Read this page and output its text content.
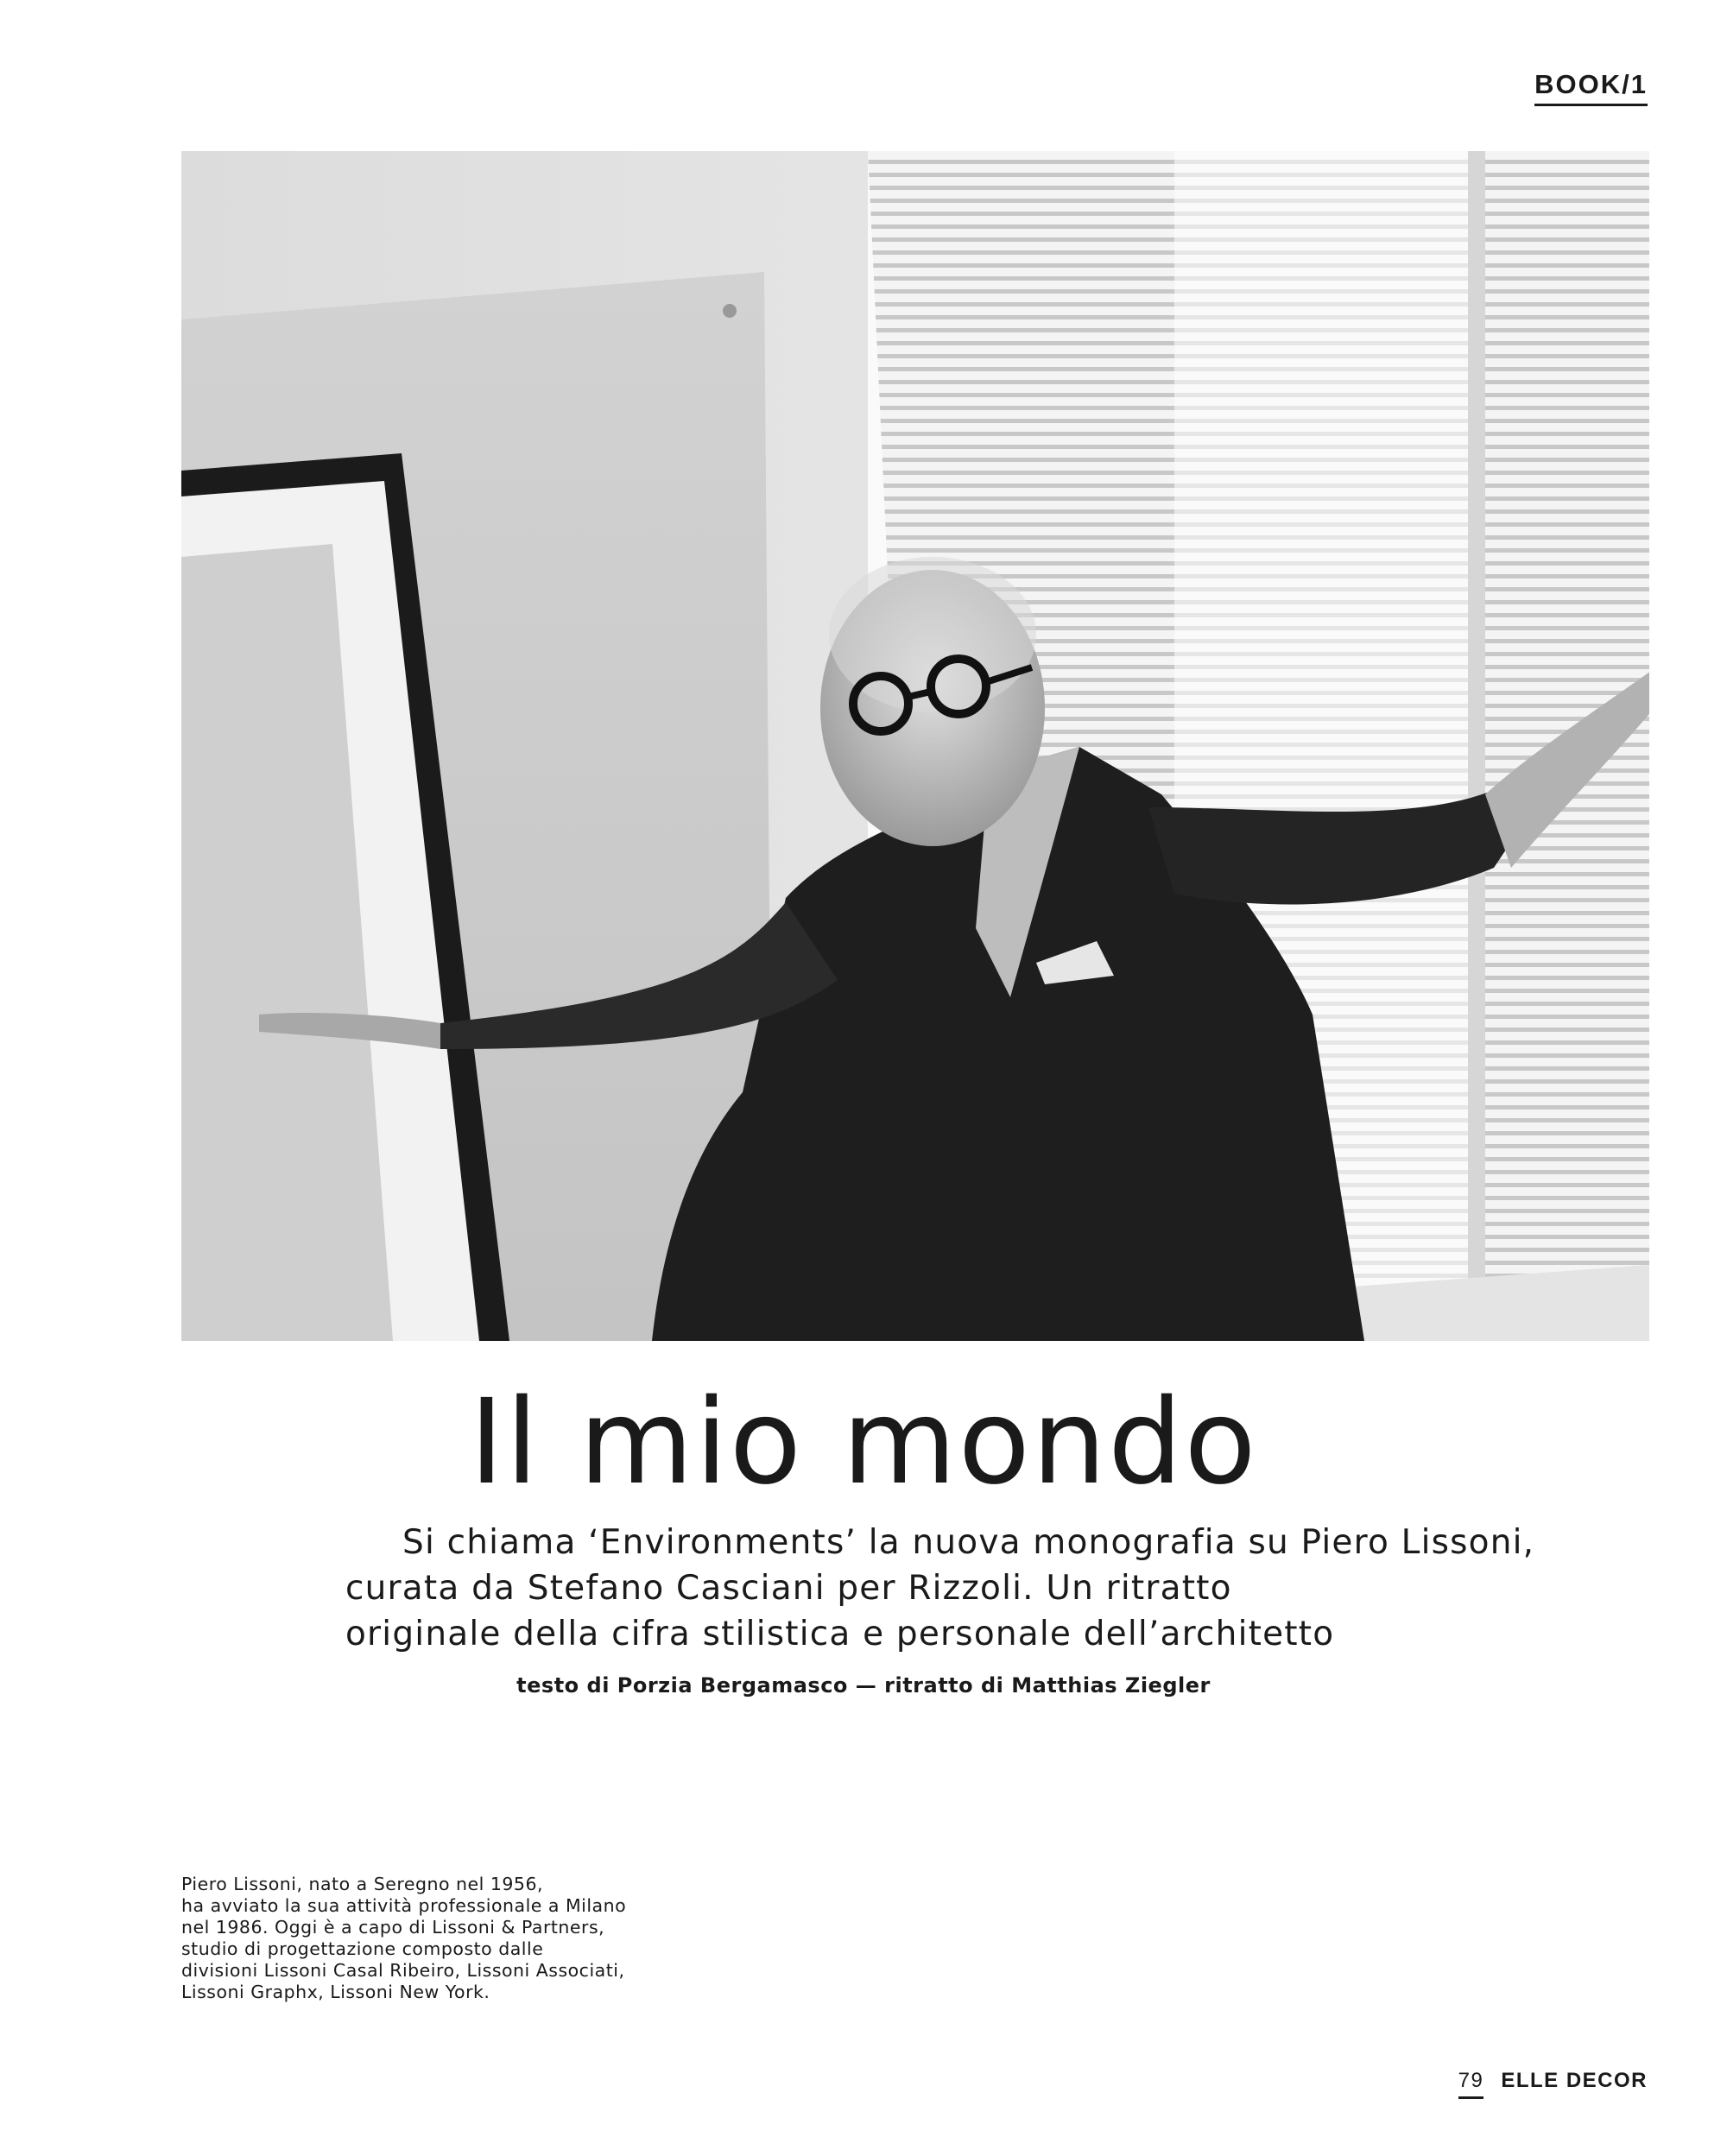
BOOK/1
Il mio mondo

Si chiama ‘Environments’ la nuova monografia su Piero Lissoni,
curata da Stefano Casciani per Rizzoli. Un ritratto
originale della cifra stilistica e personale dell’architetto

testo di Porzia Bergamasco — ritratto di Matthias Ziegler
Piero Lissoni, nato a Seregno nel 1956,
ha avviato la sua attività professionale a Milano
nel 1986. Oggi è a capo di Lissoni & Partners,
studio di progettazione composto dalle
divisioni Lissoni Casal Ribeiro, Lissoni Associati,
Lissoni Graphx, Lissoni New York.
79 ELLE DECOR
